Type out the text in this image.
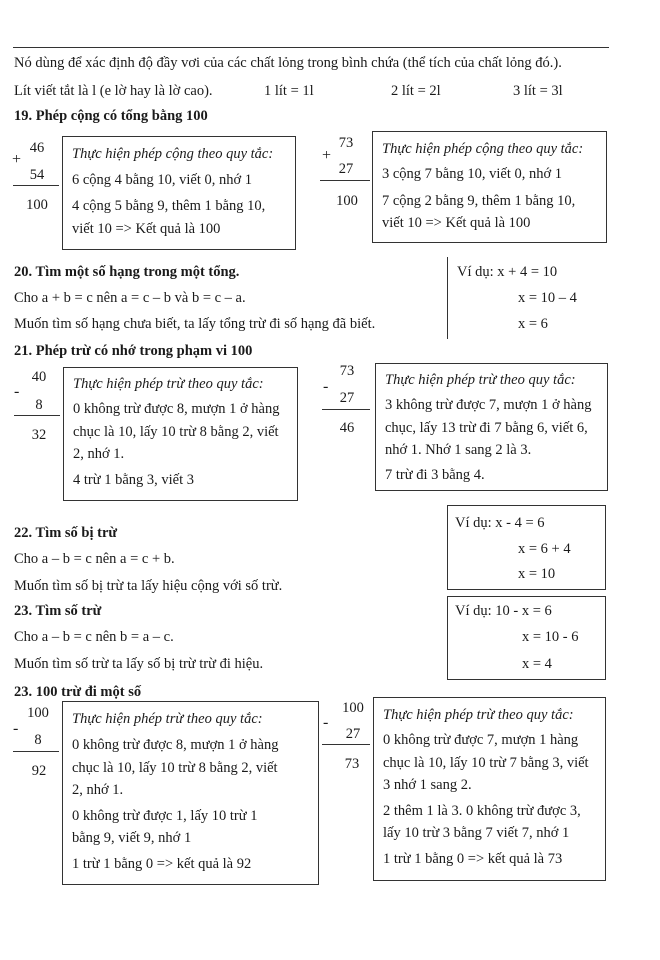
Nó dùng để xác định độ đầy vơi của các chất lỏng trong bình chứa (thể tích của chất lỏng đó.).
Lít viết tắt là l (e lờ hay là lờ cao).	1 lít = 1l	2 lít = 2l	3 lít = 3l
19. Phép cộng có tổng bằng 100
46
+
54
100
Thực hiện phép cộng theo quy tắc:
6 cộng 4 bằng 10, viết 0, nhớ 1
4 cộng 5 bằng 9, thêm 1 bằng 10,
viết 10 => Kết quả là 100
73
+
27
100
Thực hiện phép cộng theo quy tắc:
3 cộng 7 bằng 10, viết 0, nhớ 1
7 cộng 2 bằng 9, thêm 1 bằng 10,
viết 10 => Kết quả là 100
20. Tìm một số hạng trong một tổng.
Cho a + b = c nên a = c – b và b = c – a.
Muốn tìm số hạng chưa biết, ta lấy tổng trừ đi số hạng đã biết.
Ví dụ: x + 4 = 10
x = 10 – 4
x = 6
21. Phép trừ có nhớ trong phạm vi 100
40
-
8
32
Thực hiện phép trừ theo quy tắc:
0 không trừ được 8, mượn 1 ở hàng
chục là 10, lấy 10 trừ 8 bằng 2, viết
2, nhớ 1.
4 trừ 1 bằng 3, viết 3
73
-
27
46
Thực hiện phép trừ theo quy tắc:
3 không trừ được 7, mượn 1 ở hàng
chục, lấy 13 trừ đi 7 bằng 6, viết 6,
nhớ 1. Nhớ 1 sang 2 là 3.
7 trừ đi 3 bằng 4.
22. Tìm số bị trừ
Cho a – b = c nên a = c + b.
Muốn tìm số bị trừ ta lấy hiệu cộng với số trừ.
Ví dụ: x - 4 = 6
x = 6 + 4
x = 10
23. Tìm số trừ
Cho a – b = c nên b = a – c.
Muốn tìm số trừ ta lấy số bị trừ trừ đi hiệu.
Ví dụ: 10 - x = 6
x = 10 - 6
x = 4
23. 100 trừ đi một số
100
-
8
92
Thực hiện phép trừ theo quy tắc:
0 không trừ được 8, mượn 1 ở hàng
chục là 10, lấy 10 trừ 8 bằng 2, viết
2, nhớ 1.
0 không trừ được 1, lấy 10 trừ 1
bằng 9, viết 9, nhớ 1
1 trừ 1 bằng 0 => kết quả là 92
100
-
27
73
Thực hiện phép trừ theo quy tắc:
0 không trừ được 7, mượn 1 hàng
chục là 10, lấy 10 trừ 7 bằng 3, viết
3 nhớ 1 sang 2.
2 thêm 1 là 3. 0 không trừ được 3,
lấy 10 trừ 3 bằng 7 viết 7, nhớ 1
1 trừ 1 bằng 0 => kết quả là 73
